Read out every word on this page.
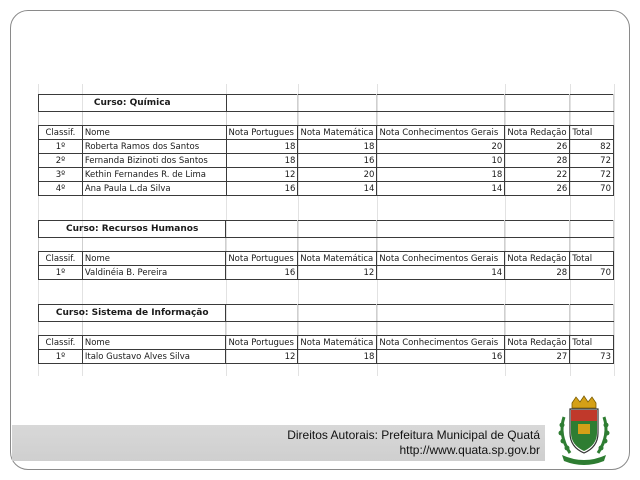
Curso: Química						

Classif.	Nome	Nota Portugues	Nota Matemática	Nota Conhecimentos Gerais	Nota Redação	Total
1º	Roberta Ramos dos Santos	18	18	20	26	82
2º	Fernanda Bizinoti dos Santos	18	16	10	28	72
3º	Kethin Fernandes R. de Lima	12	20	18	22	72
4º	Ana Paula L.da Silva	16	14	14	26	70
Curso: Recursos Humanos						

Classif.	Nome	Nota Portugues	Nota Matemática	Nota Conhecimentos Gerais	Nota Redação	Total
1º	Valdinéia B. Pereira	16	12	14	28	70
Curso: Sistema de Informação						

Classif.	Nome	Nota Portugues	Nota Matemática	Nota Conhecimentos Gerais	Nota Redação	Total
1º	Italo Gustavo Alves Silva	12	18	16	27	73
Direitos Autorais: Prefeitura Municipal de Quatá
http://www.quata.sp.gov.br
